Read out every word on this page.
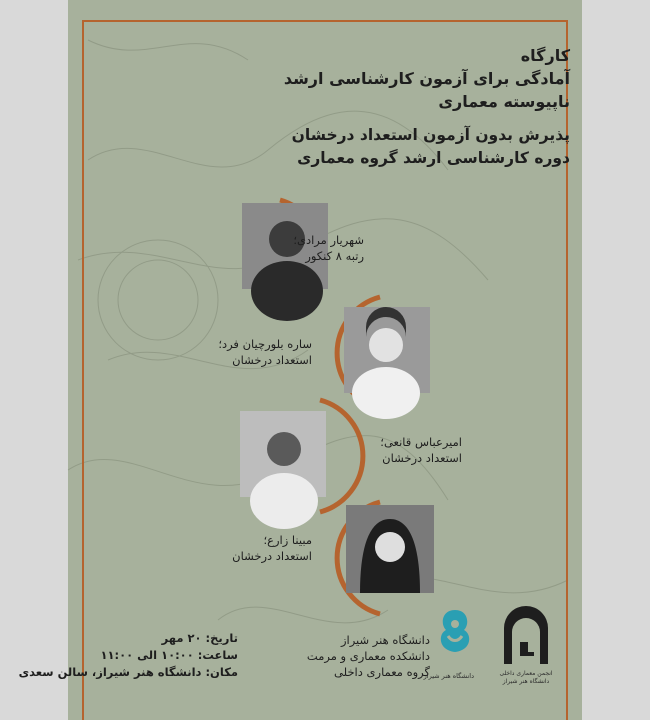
کارگاه
آمادگی برای آزمون کارشناسی ارشد
ناپیوسته معماری
پذیرش بدون آزمون استعداد درخشان
دوره کارشناسی ارشد گروه معماری
شهریار مرادی؛
رتبه ۸ کنکور
ساره بلورچیان فرد؛
استعداد درخشان
امیرعباس قانعی؛
استعداد درخشان
مبینا زارع؛
استعداد درخشان
تاریخ: ۲۰ مهر
ساعت: ۱۰:۰۰ الی ۱۱:۰۰
مکان: دانشگاه هنر شیراز، سالن سعدی
دانشگاه هنر شیراز
دانشکده معماری و مرمت
گروه معماری داخلی
دانشگاه هنر شیراز	انجمن معماری داخلی
دانشگاه هنر شیراز
